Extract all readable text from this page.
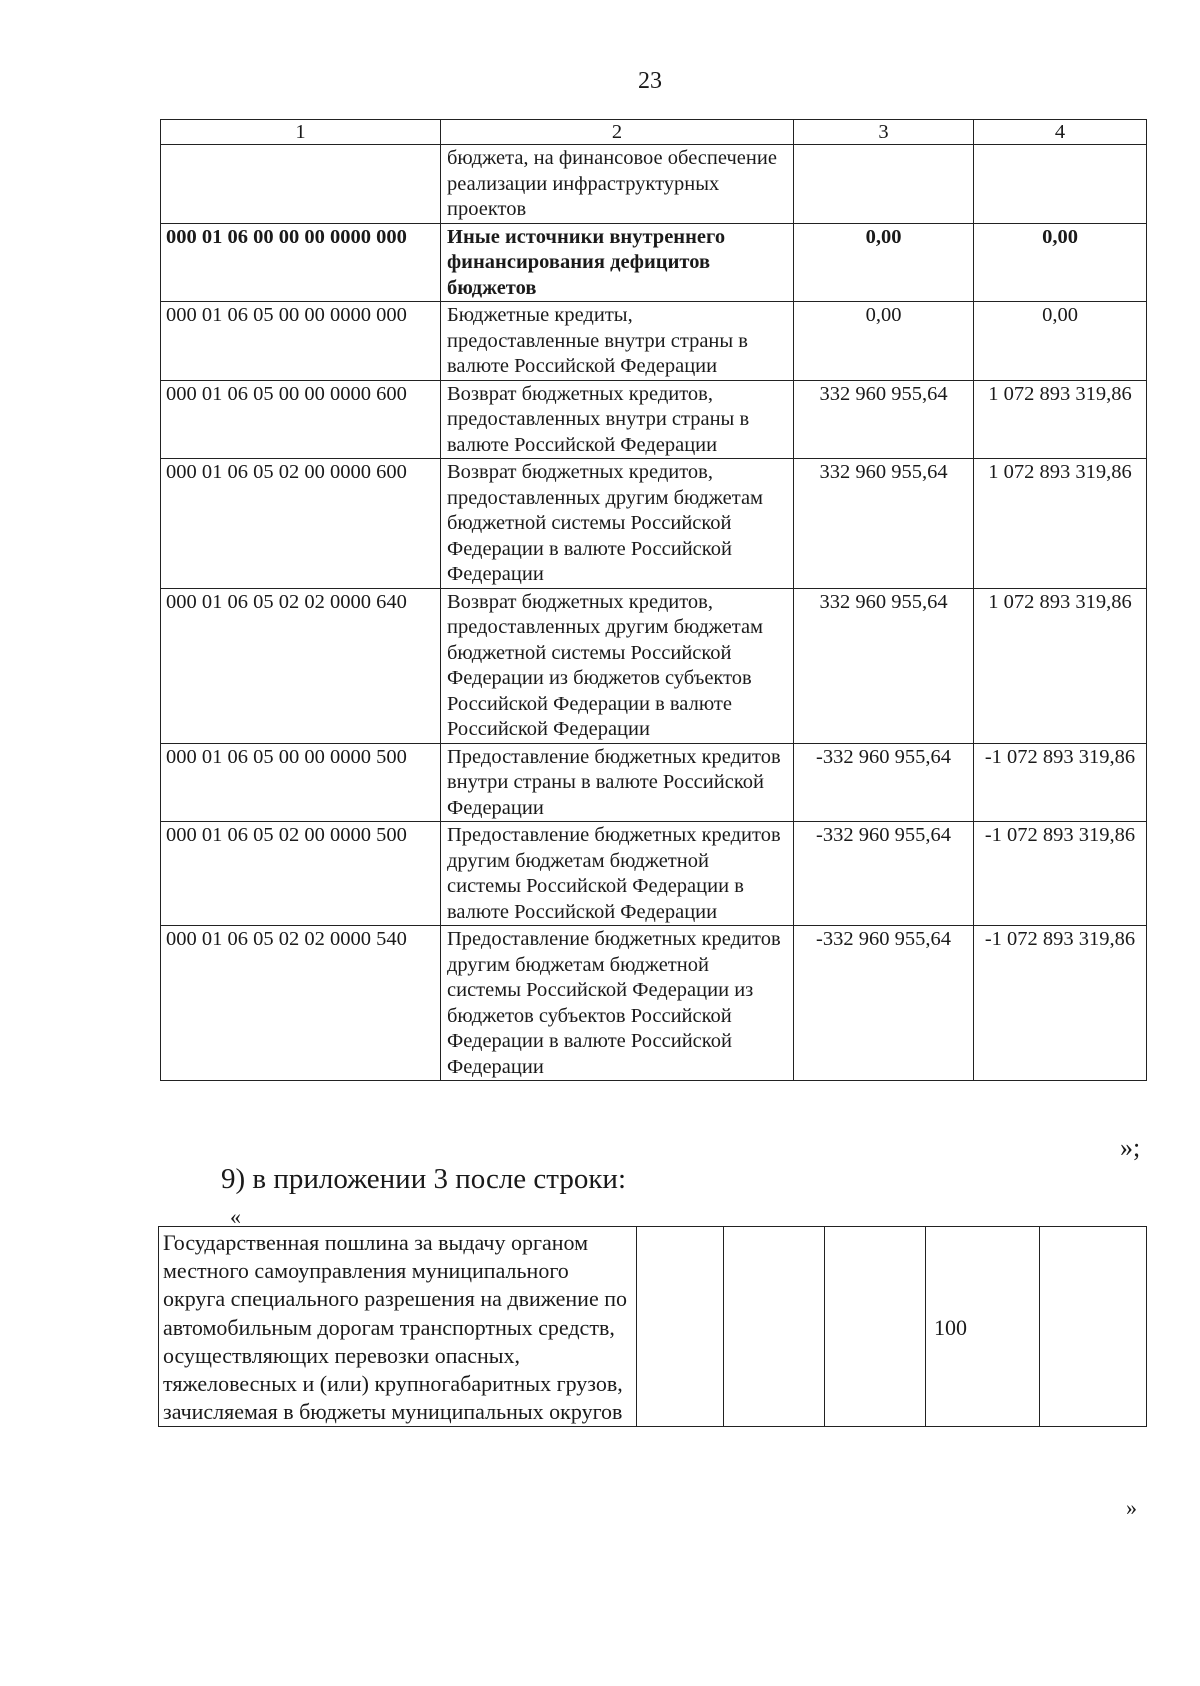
23
1	2	3	4
	бюджета, на финансовое обеспечение реализации инфраструктурных проектов		
000 01 06 00 00 00 0000 000	Иные источники внутреннего финансирования дефицитов бюджетов	0,00	0,00
000 01 06 05 00 00 0000 000	Бюджетные кредиты, предоставленные внутри страны в валюте Российской Федерации	0,00	0,00
000 01 06 05 00 00 0000 600	Возврат бюджетных кредитов, предоставленных внутри страны в валюте Российской Федерации	332 960 955,64	1 072 893 319,86
000 01 06 05 02 00 0000 600	Возврат бюджетных кредитов, предоставленных другим бюджетам бюджетной системы Российской Федерации в валюте Российской Федерации	332 960 955,64	1 072 893 319,86
000 01 06 05 02 02 0000 640	Возврат бюджетных кредитов, предоставленных другим бюджетам бюджетной системы Российской Федерации из бюджетов субъектов Российской Федерации в валюте Российской Федерации	332 960 955,64	1 072 893 319,86
000 01 06 05 00 00 0000 500	Предоставление бюджетных кредитов внутри страны в валюте Российской Федерации	-332 960 955,64	-1 072 893 319,86
000 01 06 05 02 00 0000 500	Предоставление бюджетных кредитов другим бюджетам бюджетной системы Российской Федерации в валюте Российской Федерации	-332 960 955,64	-1 072 893 319,86
000 01 06 05 02 02 0000 540	Предоставление бюджетных кредитов другим бюджетам бюджетной системы Российской Федерации из бюджетов субъектов Российской Федерации в валюте Российской Федерации	-332 960 955,64	-1 072 893 319,86
»;
9) в приложении 3 после строки:
«
Государственная пошлина за выдачу органом местного самоуправления муниципального округа специального разрешения на движение по автомобильным дорогам транспортных средств, осуществляющих перевозки опасных, тяжеловесных и (или) крупногабаритных грузов, зачисляемая в бюджеты муниципальных округов				100	
»
